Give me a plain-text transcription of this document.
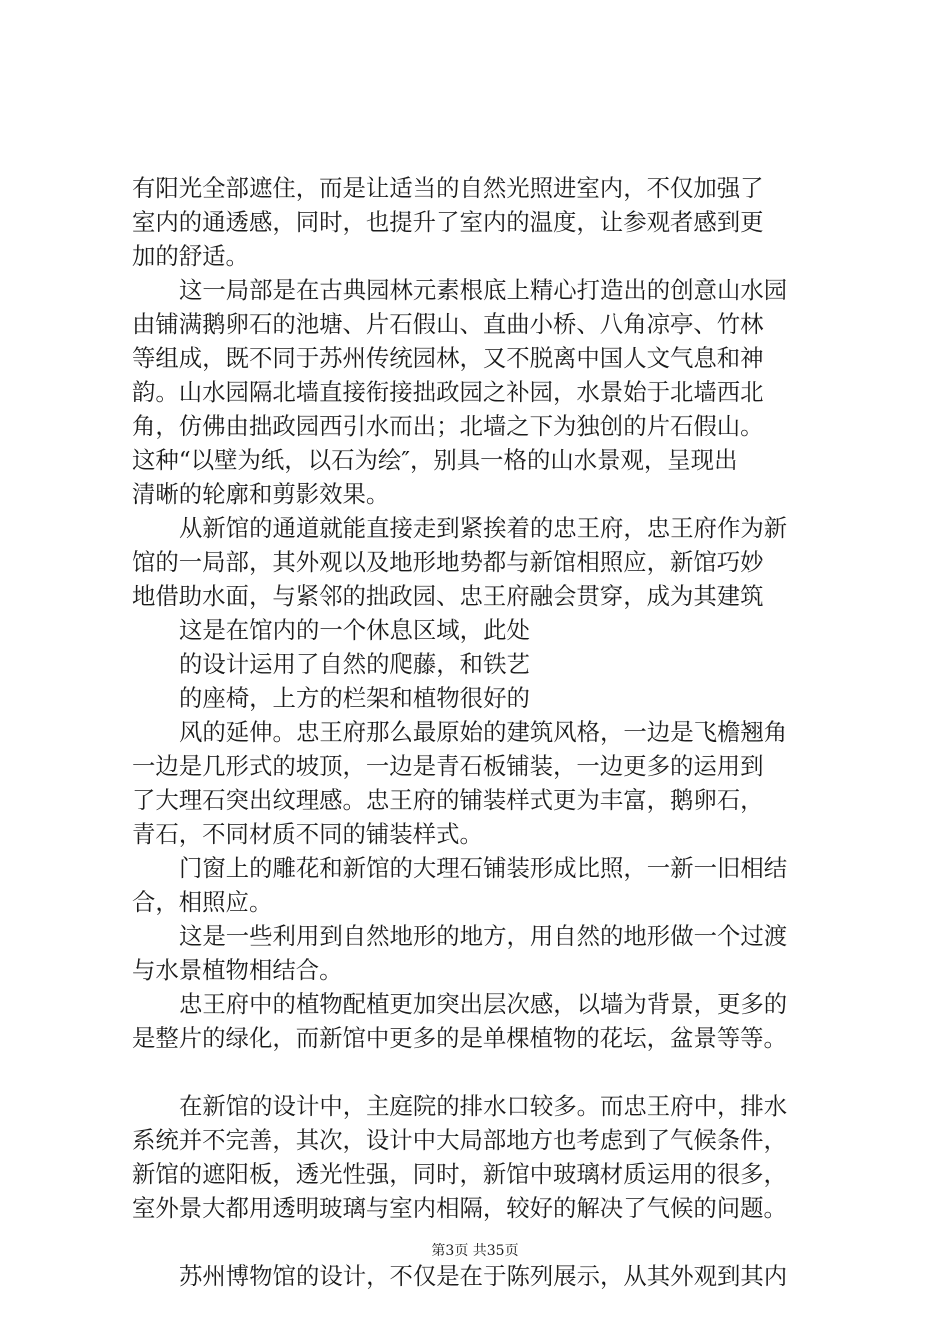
有阳光全部遮住，而是让适当的自然光照进室内，不仅加强了
室内的通透感，同时，也提升了室内的温度，让参观者感到更
加的舒适。
这一局部是在古典园林元素根底上精心打造出的创意山水园
由铺满鹅卵石的池塘、片石假山、直曲小桥、八角凉亭、竹林
等组成，既不同于苏州传统园林，又不脱离中国人文气息和神
韵。山水园隔北墙直接衔接拙政园之补园，水景始于北墙西北
角，仿佛由拙政园西引水而出；北墙之下为独创的片石假山。
这种“以壁为纸，以石为绘″，别具一格的山水景观，呈现出
清晰的轮廓和剪影效果。
从新馆的通道就能直接走到紧挨着的忠王府，忠王府作为新
馆的一局部，其外观以及地形地势都与新馆相照应，新馆巧妙
地借助水面，与紧邻的拙政园、忠王府融会贯穿，成为其建筑
这是在馆内的一个休息区域，此处
的设计运用了自然的爬藤，和铁艺
的座椅，上方的栏架和植物很好的
风的延伸。忠王府那么最原始的建筑风格，一边是飞檐翘角
一边是几形式的坡顶，一边是青石板铺装，一边更多的运用到
了大理石突出纹理感。忠王府的铺装样式更为丰富，鹅卵石，
青石，不同材质不同的铺装样式。
门窗上的雕花和新馆的大理石铺装形成比照，一新一旧相结
合，相照应。
这是一些利用到自然地形的地方，用自然的地形做一个过渡
与水景植物相结合。
忠王府中的植物配植更加突出层次感，以墙为背景，更多的
是整片的绿化，而新馆中更多的是单棵植物的花坛，盆景等等。
在新馆的设计中，主庭院的排水口较多。而忠王府中，排水
系统并不完善，其次，设计中大局部地方也考虑到了气候条件，
新馆的遮阳板，透光性强，同时，新馆中玻璃材质运用的很多，
室外景大都用透明玻璃与室内相隔，较好的解决了气候的问题。
苏州博物馆的设计，不仅是在于陈列展示，从其外观到其内
第3页 共35页
